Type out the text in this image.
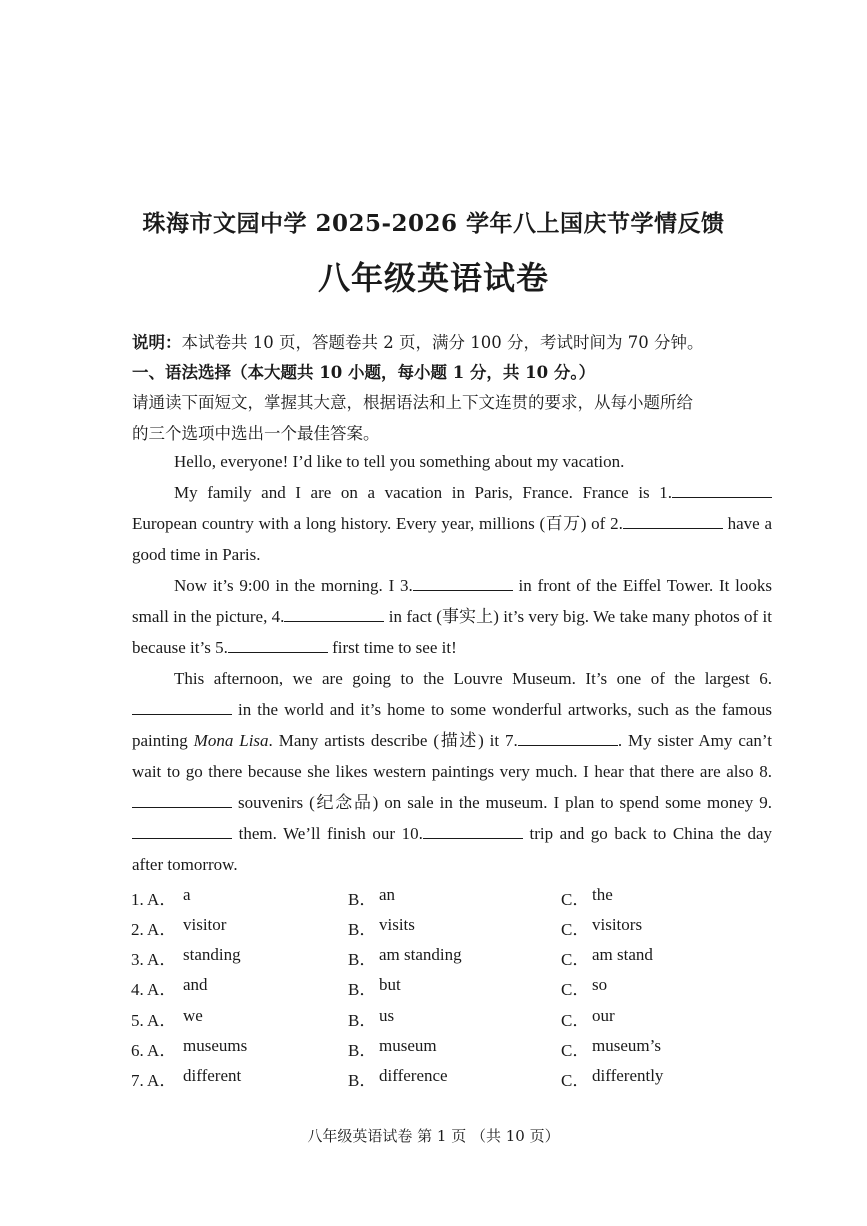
珠海市文园中学 2025-2026 学年八上国庆节学情反馈
八年级英语试卷
说明：本试卷共 10 页，答题卷共 2 页，满分 100 分，考试时间为 70 分钟。
一、语法选择（本大题共 10 小题，每小题 1 分，共 10 分。）
请通读下面短文，掌握其大意，根据语法和上下文连贯的要求，从每小题所给
的三个选项中选出一个最佳答案。

Hello, everyone! I’d like to tell you something about my vacation.

My family and I are on a vacation in Paris, France. France is 1. European country with a long history. Every year, millions (百万) of 2.	have a good time in Paris.

Now it’s 9:00 in the morning. I 3.	in front of the Eiffel Tower. It looks small in the picture, 4.	in fact (事实上) it’s very big. We take many photos of it because it’s 5.	first time to see it!

This afternoon, we are going to the Louvre Museum. It’s one of the largest 6. in the world and it’s home to some wonderful artworks, such as the famous painting Mona Lisa. Many artists describe (描述) it 7.	. My sister Amy can’t wait to go there because she likes western paintings very much. I hear that there are also 8. souvenirs (纪念品) on sale in the museum. I plan to spend some money 9. them. We’ll finish our 10.	trip and go back to China the day after tomorrow.

1. A． a	B． an	C． the
2. A． visitor	B． visits	C． visitors
3. A． standing	B． am standing	C． am stand
4. A． and	B． but	C． so
5. A． we	B． us	C． our
6. A． museums	B． museum	C． museum’s
7. A． different	B． difference	C． differently
八年级英语试卷 第 1 页 （共 10 页）
